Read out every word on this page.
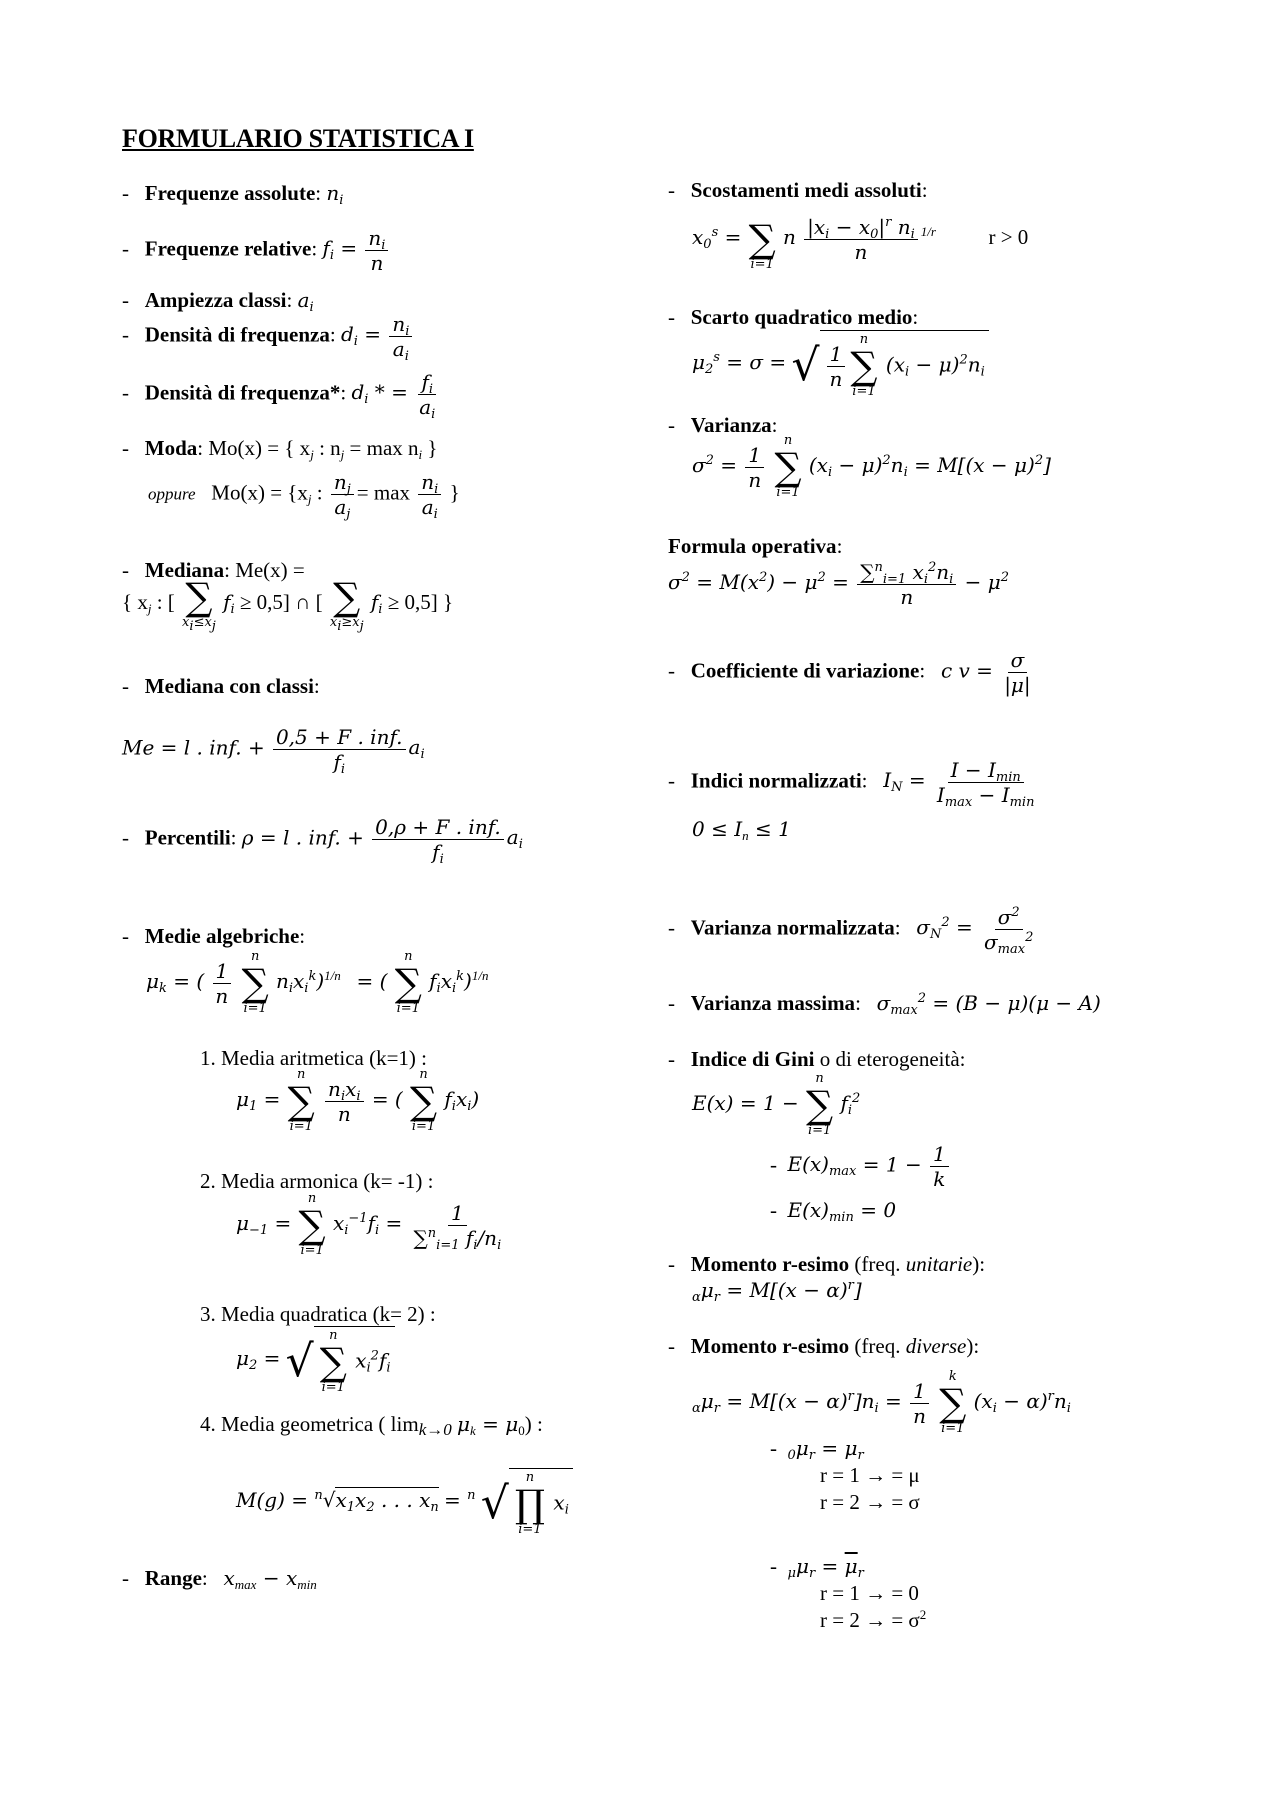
FORMULARIO STATISTICA I
-   Frequenze assolute: $n_i$
-   Frequenze relative: $f_i = \frac{n_i}{n}$
-   Ampiezza classi: $a_i$
-   Densità di frequenza: $d_i = \frac{n_i}{a_i}$
-   Densità di frequenza*: $d_i$ * = $\frac{f_i}{a_i}$
-   Moda: Mo(x) = { $x_j$ : $n_j = \max n_i$ }
oppure $Mo(x) = \{x_j$ : $\frac{n_j}{a_j} = \max \frac{n_i}{a_i}$ }
-   Mediana: Me(x) =
{ $x_j$ : [ ∑
$x_i\le x_j$
$f_i \ge 0,5$] ∩ [ ∑
$x_i\ge x_j$
$f_i \ge 0,5$] }
-   Mediana con classi:
Me = l . inf. + $\frac{\text{0,5 + F . inf.}}{f_i} a_i$
-   Percentili: ρ = l . inf. + $\frac{\text{0,ρ + F . inf.}}{f_i} a_i$
-   Medie algebriche:
$\mu_k$ = ( $\frac{1}{n}$

n
∑
i=1
$n_ix_i^k)^{1/n}$ = (
n
∑
i=1
$f_ix_i^k)^{1/n}$
1. Media aritmetica (k=1) :
$\mu_1$ =
n
∑
i=1

$\frac{n_ix_i}{n}$ = (
n
∑
i=1
$f_ix_i$)
2. Media armonica (k= -1) :
$\mu_{-1}$ =
n
∑
i=1
$x_i^{-1}f_i = \frac{1}{\sum^n_{i=1} f_i/n_i}$
3. Media quadratica (k= 2) :
$\mu_2$ = √
n
∑
i=1
$x_i^2f_i$
4. Media geometrica ( $\lim_{k\to 0} \mu_k = \mu_0$) :
$M(g) = ^n√x_1x_2$ . . . $x_n = ^n$ √
n
∏
i=1
$x_i$
-   Range:   $x_{max} - x_{min}$
-   Scostamenti medi assoluti:
$x_0^s$ =
∑
i=1
n $\frac{|x_i - x_0|^r n_i}{n} ^{1/r}$	r > 0
-   Scarto quadratico medio:
$\mu_2^s = \sigma$ = √ $\frac{1}{n}$
n
∑
i=1
$(x_i - \mu)^2n_i$
-   Varianza:
$\sigma^2 = \frac{1}{n}$

n
∑
i=1
$(x_i - \mu)^2n_i = M[(x - \mu)^2]$
Formula operativa:
$\sigma^2 = M(x^2) - \mu^2 = \frac{\sum^n_{i=1} x_i^2n_i}{n} - \mu^2$
-   Coefficiente di variazione:   c $v = \frac{\sigma}{|\mu|}$
-   Indici normalizzati:   $I_N = \frac{I - I_{min}}{I_{max} - I_{min}}$
$0 \le I_n \le 1$
-   Varianza normalizzata:   $\sigma_N^2 = \frac{\sigma^2}{\sigma_{max}^2}$
-   Varianza massima:   $\sigma_{max}^2 = (B - \mu)(\mu - A)$
-   Indice di Gini o di eterogeneità:
E(x) = 1 −
n
∑
i=1
$f_i^2$
-  $E(x)_{max} = 1 - \frac{1}{k}$
-  $E(x)_{min} = 0$
-   Momento r-esimo (freq. unitarie):
$_\alpha\mu_r = M[(x - \alpha)^r]$
-   Momento r-esimo (freq. diverse):
$_\alpha\mu_r = M[(x - \alpha)^r]n_i = \frac{1}{n}$

k
∑
i=1
$(x_i - \alpha)^rn_i$
-  $_0\mu_r = \mu_r$
r = 1 → = μ
r = 2 → = σ
-  $_\mu\mu_r = \overline{\mu}_r$
r = 1 → = 0
r = 2 → = $\sigma^2$
